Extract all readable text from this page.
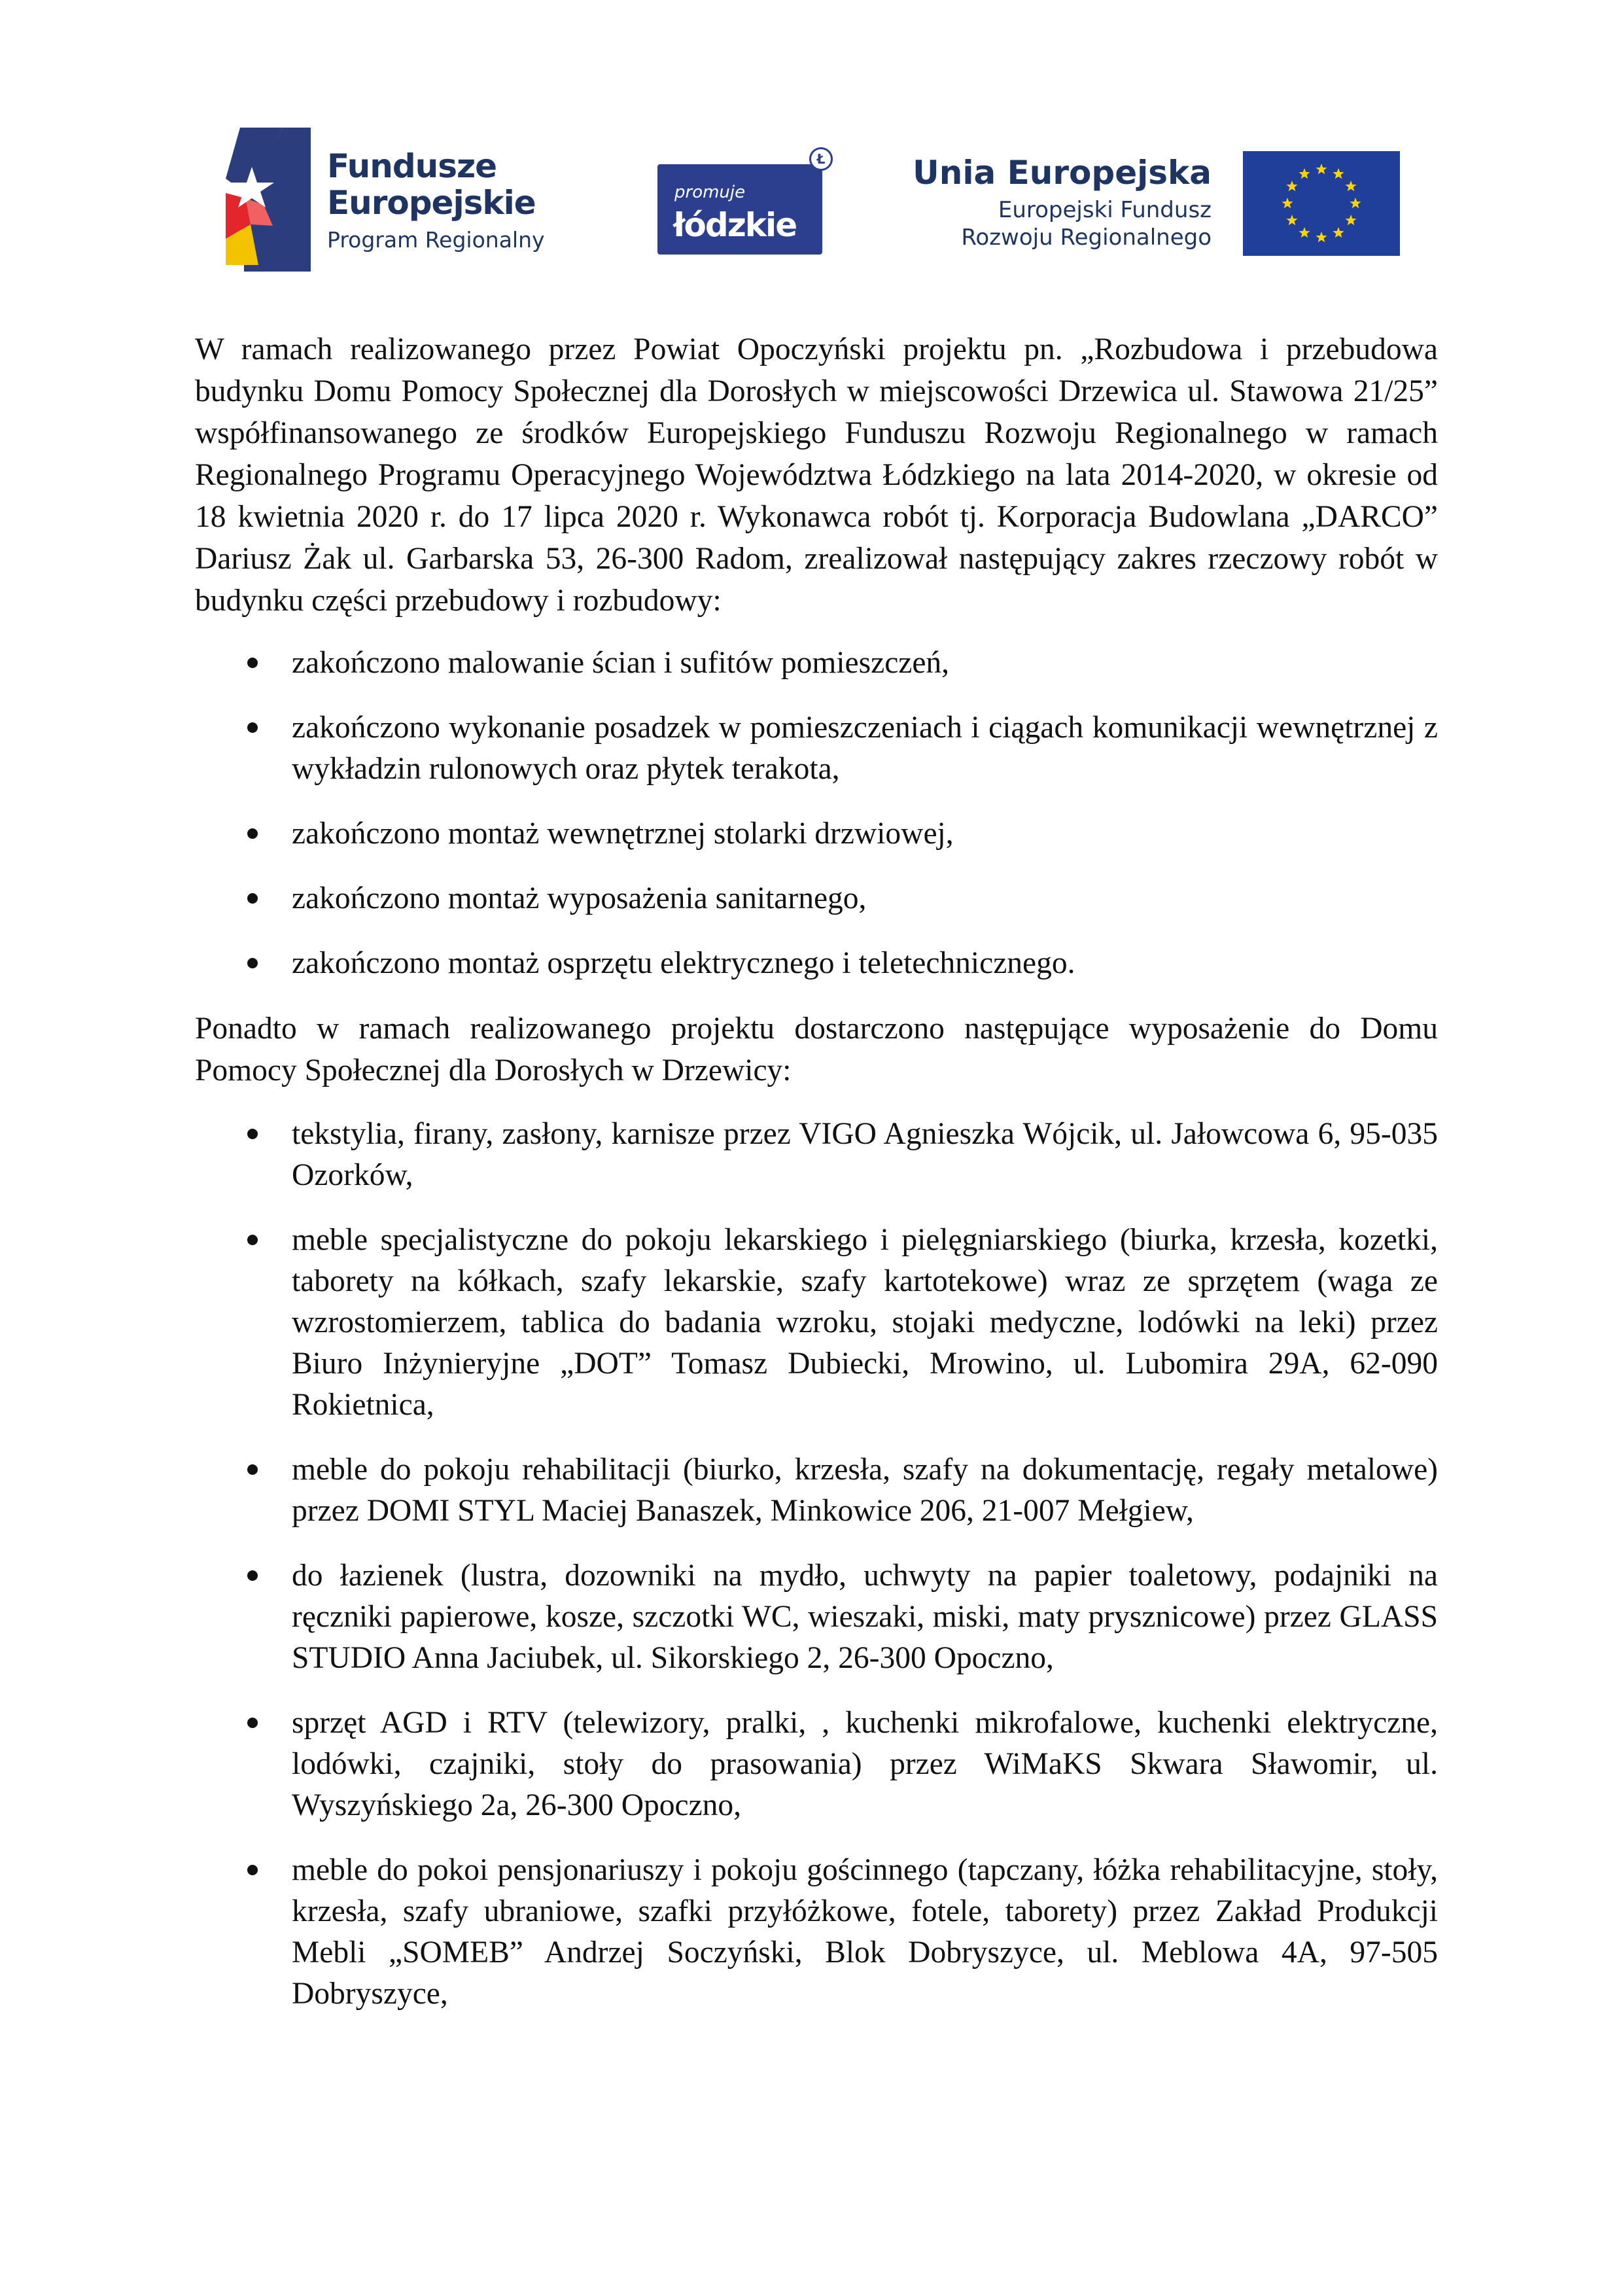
Fundusze
Europejskie
Program Regionalny
promuje
łódzkie
Ł	Unia Europejska
Europejski Fundusz
Rozwoju Regionalnego

W ramach realizowanego przez Powiat Opoczyński projektu pn. „Rozbudowa i przebudowa budynku Domu Pomocy Społecznej dla Dorosłych w miejscowości Drzewica ul. Stawowa 21/25” współfinansowanego ze środków Europejskiego Funduszu Rozwoju Regionalnego w ramach Regionalnego Programu Operacyjnego Województwa Łódzkiego na lata 2014-2020, w okresie od 18 kwietnia 2020 r. do 17 lipca 2020 r. Wykonawca robót tj. Korporacja Budowlana „DARCO” Dariusz Żak ul. Garbarska 53, 26-300 Radom, zrealizował następujący zakres rzeczowy robót w budynku części przebudowy i rozbudowy:

zakończono malowanie ścian i sufitów pomieszczeń,
zakończono wykonanie posadzek w pomieszczeniach i ciągach komunikacji wewnętrznej z wykładzin rulonowych oraz płytek terakota,
zakończono montaż wewnętrznej stolarki drzwiowej,
zakończono montaż wyposażenia sanitarnego,
zakończono montaż osprzętu elektrycznego i teletechnicznego.

Ponadto w ramach realizowanego projektu dostarczono następujące wyposażenie do Domu Pomocy Społecznej dla Dorosłych w Drzewicy:

tekstylia, firany, zasłony, karnisze przez VIGO Agnieszka Wójcik, ul. Jałowcowa 6, 95-035 Ozorków,
meble specjalistyczne do pokoju lekarskiego i pielęgniarskiego (biurka, krzesła, kozetki, taborety na kółkach, szafy lekarskie, szafy kartotekowe) wraz ze sprzętem (waga ze wzrostomierzem, tablica do badania wzroku, stojaki medyczne, lodówki na leki) przez Biuro Inżynieryjne „DOT” Tomasz Dubiecki, Mrowino, ul. Lubomira 29A, 62-090 Rokietnica,
meble do pokoju rehabilitacji (biurko, krzesła, szafy na dokumentację, regały metalowe) przez DOMI STYL Maciej Banaszek, Minkowice 206, 21-007 Mełgiew,
do łazienek (lustra, dozowniki na mydło, uchwyty na papier toaletowy, podajniki na ręczniki papierowe, kosze, szczotki WC, wieszaki, miski, maty prysznicowe) przez GLASS STUDIO Anna Jaciubek, ul. Sikorskiego 2, 26-300 Opoczno,
sprzęt AGD i RTV (telewizory, pralki, , kuchenki mikrofalowe, kuchenki elektryczne, lodówki, czajniki, stoły do prasowania) przez WiMaKS Skwara Sławomir, ul. Wyszyńskiego 2a, 26-300 Opoczno,
meble do pokoi pensjonariuszy i pokoju gościnnego (tapczany, łóżka rehabilitacyjne, stoły, krzesła, szafy ubraniowe, szafki przyłóżkowe, fotele, taborety) przez Zakład Produkcji Mebli „SOMEB” Andrzej Soczyński, Blok Dobryszyce, ul. Meblowa 4A, 97-505 Dobryszyce,
